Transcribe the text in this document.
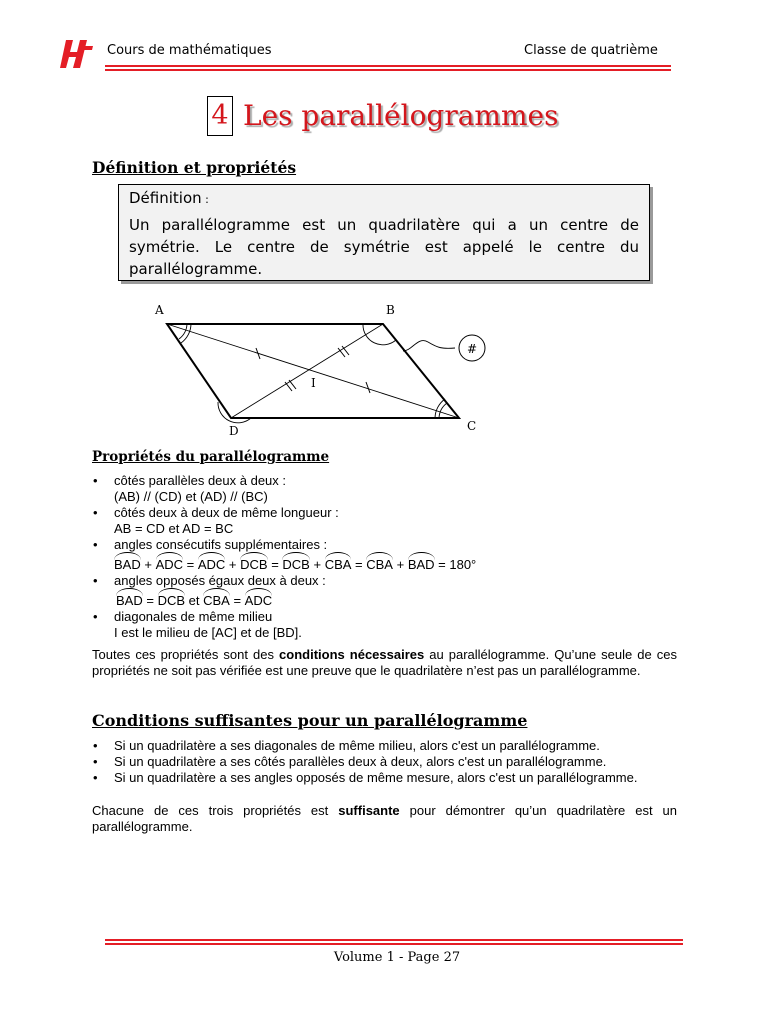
Cours de mathématiques	Classe de quatrième
4 Les parallélogrammes
Définition et propriétés
Définition :
Un parallélogramme est un quadrilatère qui a un centre de symétrie. Le centre de symétrie est appelé le centre du parallélogramme.
A	B
C
D
I
#
Propriétés du parallélogramme
• côtés parallèles deux à deux :
(AB) // (CD) et (AD) // (BC)
• côtés deux à deux de même longueur :
AB = CD et AD = BC
• angles consécutifs supplémentaires :
BAD + ADC = ADC + DCB = DCB + CBA = CBA + BAD = 180°
• angles opposés égaux deux à deux :
BAD = DCB et CBA = ADC
• diagonales de même milieu
I est le milieu de [AC] et de [BD].
Toutes ces propriétés sont des conditions nécessaires au parallélogramme. Qu’une seule de ces propriétés ne soit pas vérifiée est une preuve que le quadrilatère n’est pas un parallélogramme.
Conditions suffisantes pour un parallélogramme
• Si un quadrilatère a ses diagonales de même milieu, alors c'est un parallélogramme.
• Si un quadrilatère a ses côtés parallèles deux à deux, alors c'est un parallélogramme.
• Si un quadrilatère a ses angles opposés de même mesure, alors c'est un parallélogramme.
Chacune de ces trois propriétés est suffisante pour démontrer qu’un quadrilatère est un parallélogramme.
Volume 1 - Page 27
